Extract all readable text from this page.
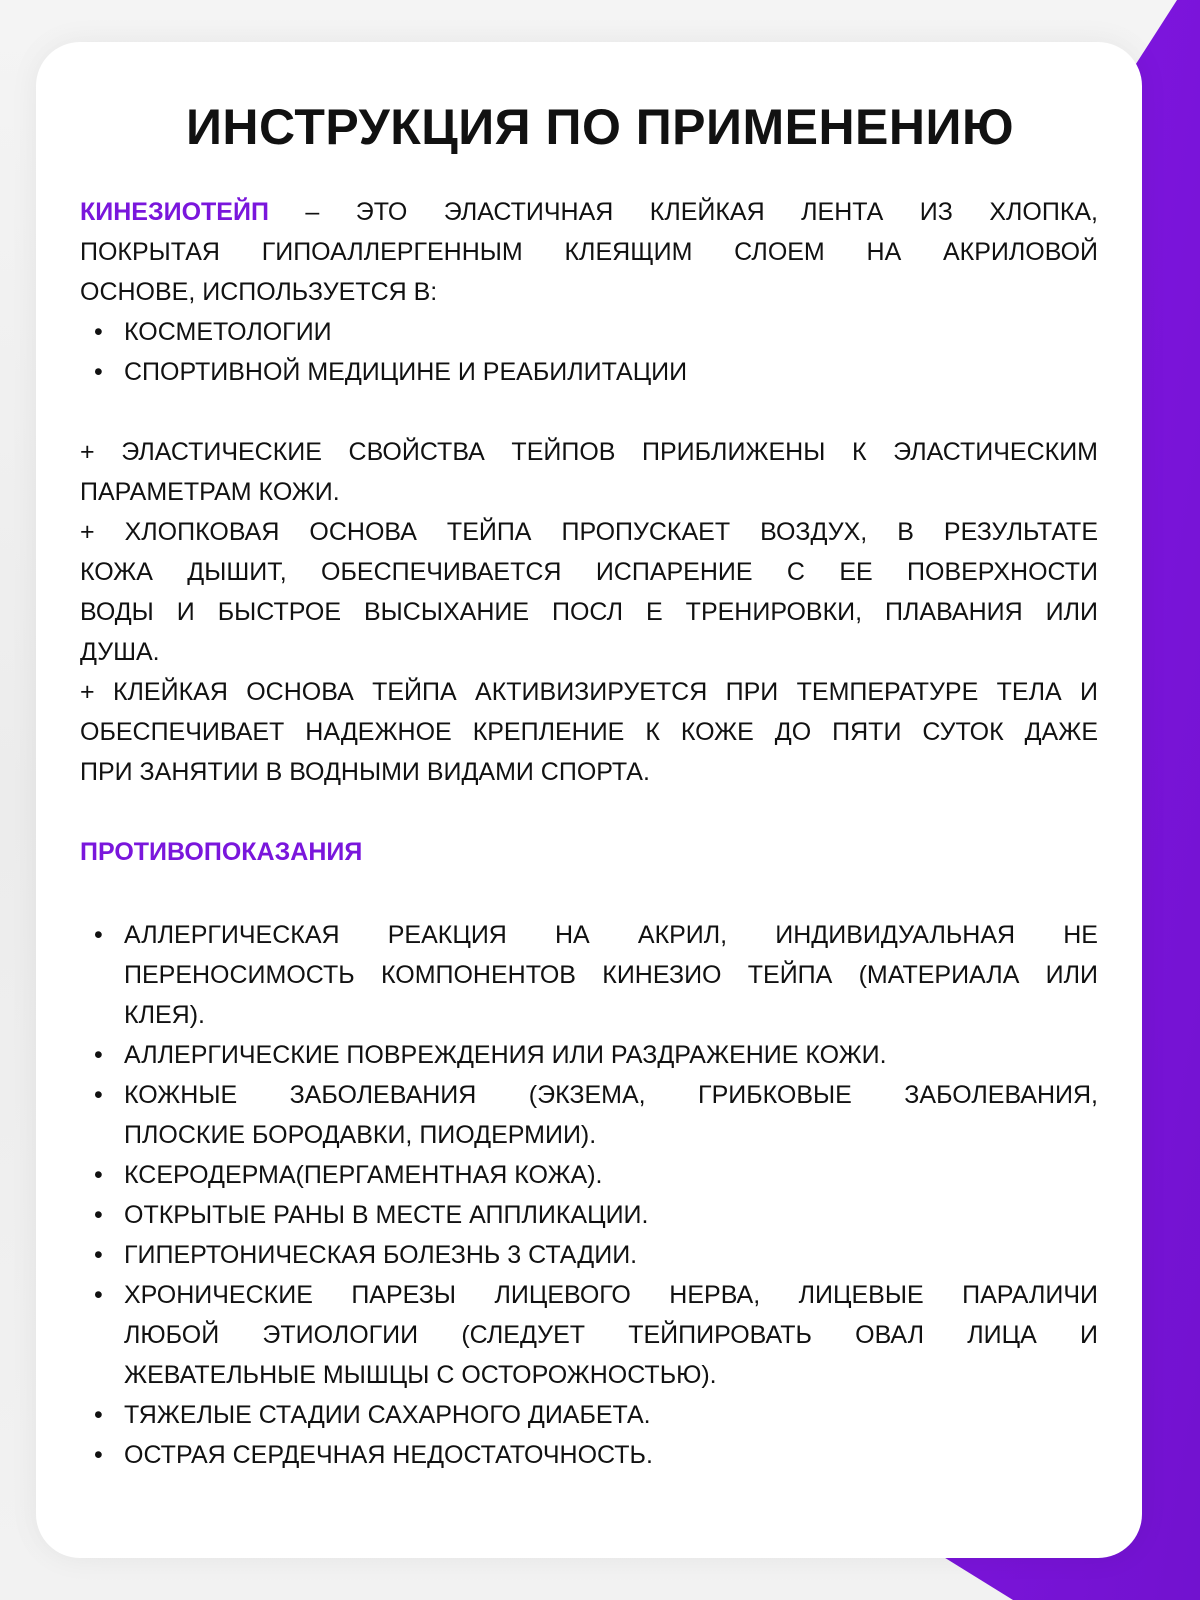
ИНСТРУКЦИЯ ПО ПРИМЕНЕНИЮ
КИНЕЗИОТЕЙП – ЭТО ЭЛАСТИЧНАЯ КЛЕЙКАЯ ЛЕНТА ИЗ ХЛОПКА,
ПОКРЫТАЯ ГИПОАЛЛЕРГЕННЫМ КЛЕЯЩИМ СЛОЕМ НА АКРИЛОВОЙ
ОСНОВЕ, ИСПОЛЬЗУЕТСЯ В:
• КОСМЕТОЛОГИИ
• СПОРТИВНОЙ МЕДИЦИНЕ И РЕАБИЛИТАЦИИ
+ ЭЛАСТИЧЕСКИЕ СВОЙСТВА ТЕЙПОВ ПРИБЛИЖЕНЫ К ЭЛАСТИЧЕСКИМ
ПАРАМЕТРАМ КОЖИ.
+ ХЛОПКОВАЯ ОСНОВА ТЕЙПА ПРОПУСКАЕТ ВОЗДУХ, В РЕЗУЛЬТАТЕ
КОЖА ДЫШИТ, ОБЕСПЕЧИВАЕТСЯ ИСПАРЕНИЕ С ЕЕ ПОВЕРХНОСТИ
ВОДЫ И БЫСТРОЕ ВЫСЫХАНИЕ ПОСЛ Е ТРЕНИРОВКИ, ПЛАВАНИЯ ИЛИ
ДУША.
+ КЛЕЙКАЯ ОСНОВА ТЕЙПА АКТИВИЗИРУЕТСЯ ПРИ ТЕМПЕРАТУРЕ ТЕЛА И
ОБЕСПЕЧИВАЕТ НАДЕЖНОЕ КРЕПЛЕНИЕ К КОЖЕ ДО ПЯТИ СУТОК ДАЖЕ
ПРИ ЗАНЯТИИ В ВОДНЫМИ ВИДАМИ СПОРТА.
ПРОТИВОПОКАЗАНИЯ
• АЛЛЕРГИЧЕСКАЯ РЕАКЦИЯ НА АКРИЛ, ИНДИВИДУАЛЬНАЯ НЕ
ПЕРЕНОСИМОСТЬ КОМПОНЕНТОВ КИНЕЗИО ТЕЙПА (МАТЕРИАЛА ИЛИ
КЛЕЯ).
• АЛЛЕРГИЧЕСКИЕ ПОВРЕЖДЕНИЯ ИЛИ РАЗДРАЖЕНИЕ КОЖИ.
• КОЖНЫЕ ЗАБОЛЕВАНИЯ (ЭКЗЕМА, ГРИБКОВЫЕ ЗАБОЛЕВАНИЯ,
ПЛОСКИЕ БОРОДАВКИ, ПИОДЕРМИИ).
• КСЕРОДЕРМА(ПЕРГАМЕНТНАЯ КОЖА).
• ОТКРЫТЫЕ РАНЫ В МЕСТЕ АППЛИКАЦИИ.
• ГИПЕРТОНИЧЕСКАЯ БОЛЕЗНЬ 3 СТАДИИ.
• ХРОНИЧЕСКИЕ ПАРЕЗЫ ЛИЦЕВОГО НЕРВА, ЛИЦЕВЫЕ ПАРАЛИЧИ
ЛЮБОЙ ЭТИОЛОГИИ (СЛЕДУЕТ ТЕЙПИРОВАТЬ ОВАЛ ЛИЦА И
ЖЕВАТЕЛЬНЫЕ МЫШЦЫ С ОСТОРОЖНОСТЬЮ).
• ТЯЖЕЛЫЕ СТАДИИ САХАРНОГО ДИАБЕТА.
• ОСТРАЯ СЕРДЕЧНАЯ НЕДОСТАТОЧНОСТЬ.
